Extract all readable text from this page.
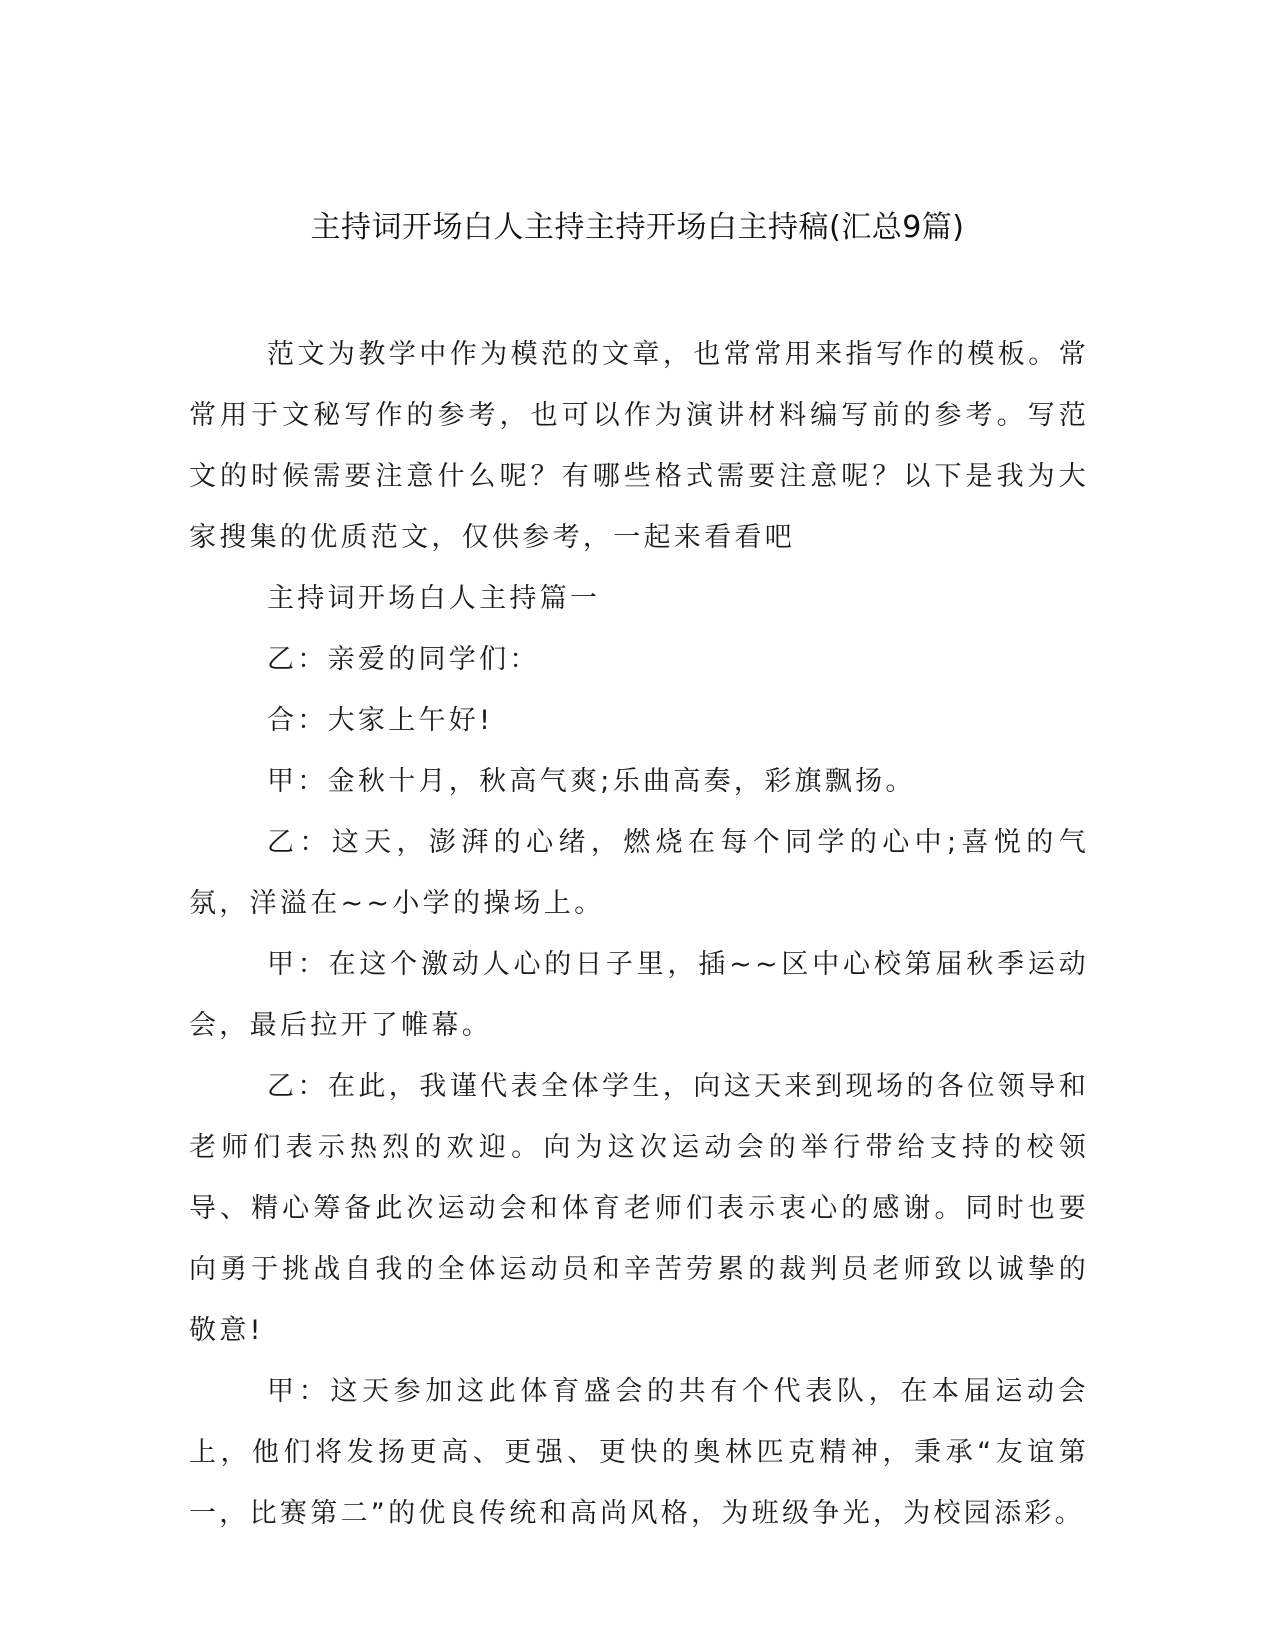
主持词开场白人主持主持开场白主持稿(汇总9篇)

范文为教学中作为模范的文章，也常常用来指写作的模板。常常用于文秘写作的参考，也可以作为演讲材料编写前的参考。写范文的时候需要注意什么呢？有哪些格式需要注意呢？以下是我为大家搜集的优质范文，仅供参考，一起来看看吧

主持词开场白人主持篇一

乙：亲爱的同学们：

合：大家上午好!

甲：金秋十月，秋高气爽;乐曲高奏，彩旗飘扬。

乙：这天，澎湃的心绪，燃烧在每个同学的心中;喜悦的气氛，洋溢在~~小学的操场上。

甲：在这个激动人心的日子里，插~~区中心校第届秋季运动会，最后拉开了帷幕。

乙：在此，我谨代表全体学生，向这天来到现场的各位领导和老师们表示热烈的欢迎。向为这次运动会的举行带给支持的校领导、精心筹备此次运动会和体育老师们表示衷心的感谢。同时也要向勇于挑战自我的全体运动员和辛苦劳累的裁判员老师致以诚挚的敬意!

甲：这天参加这此体育盛会的共有个代表队，在本届运动会上，他们将发扬更高、更强、更快的奥林匹克精神，秉承“友谊第一，比赛第二”的优良传统和高尚风格，为班级争光，为校园添彩。
